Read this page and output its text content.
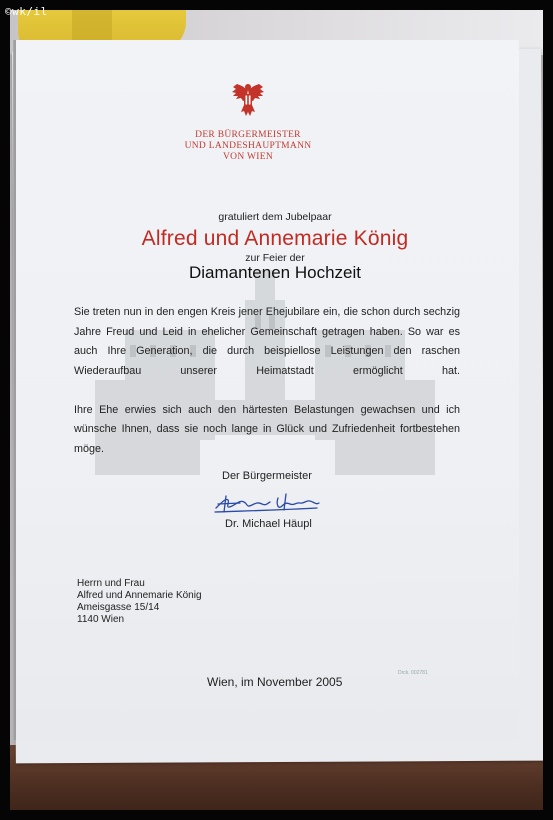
©wk/il
DER BÜRGERMEISTER
UND LANDESHAUPTMANN
VON WIEN
gratuliert dem Jubelpaar
Alfred und Annemarie König
zur Feier der
Diamantenen Hochzeit

Sie treten nun in den engen Kreis jener Ehejubilare ein, die schon durch sechzig Jahre Freud und Leid in ehelicher Gemeinschaft getragen haben. So war es auch Ihre Generation, die durch beispiellose Leistungen den raschen Wiederaufbau unserer Heimatstadt ermöglicht hat.

Ihre Ehe erwies sich auch den härtesten Belastungen gewachsen und ich wünsche Ihnen, dass sie noch lange in Glück und Zufriedenheit fortbestehen möge.

Der Bürgermeister
Dr. Michael Häupl
Herrn und Frau
Alfred und Annemarie König
Ameisgasse 15/14
1140 Wien
Drck. 002781
Wien, im November 2005
